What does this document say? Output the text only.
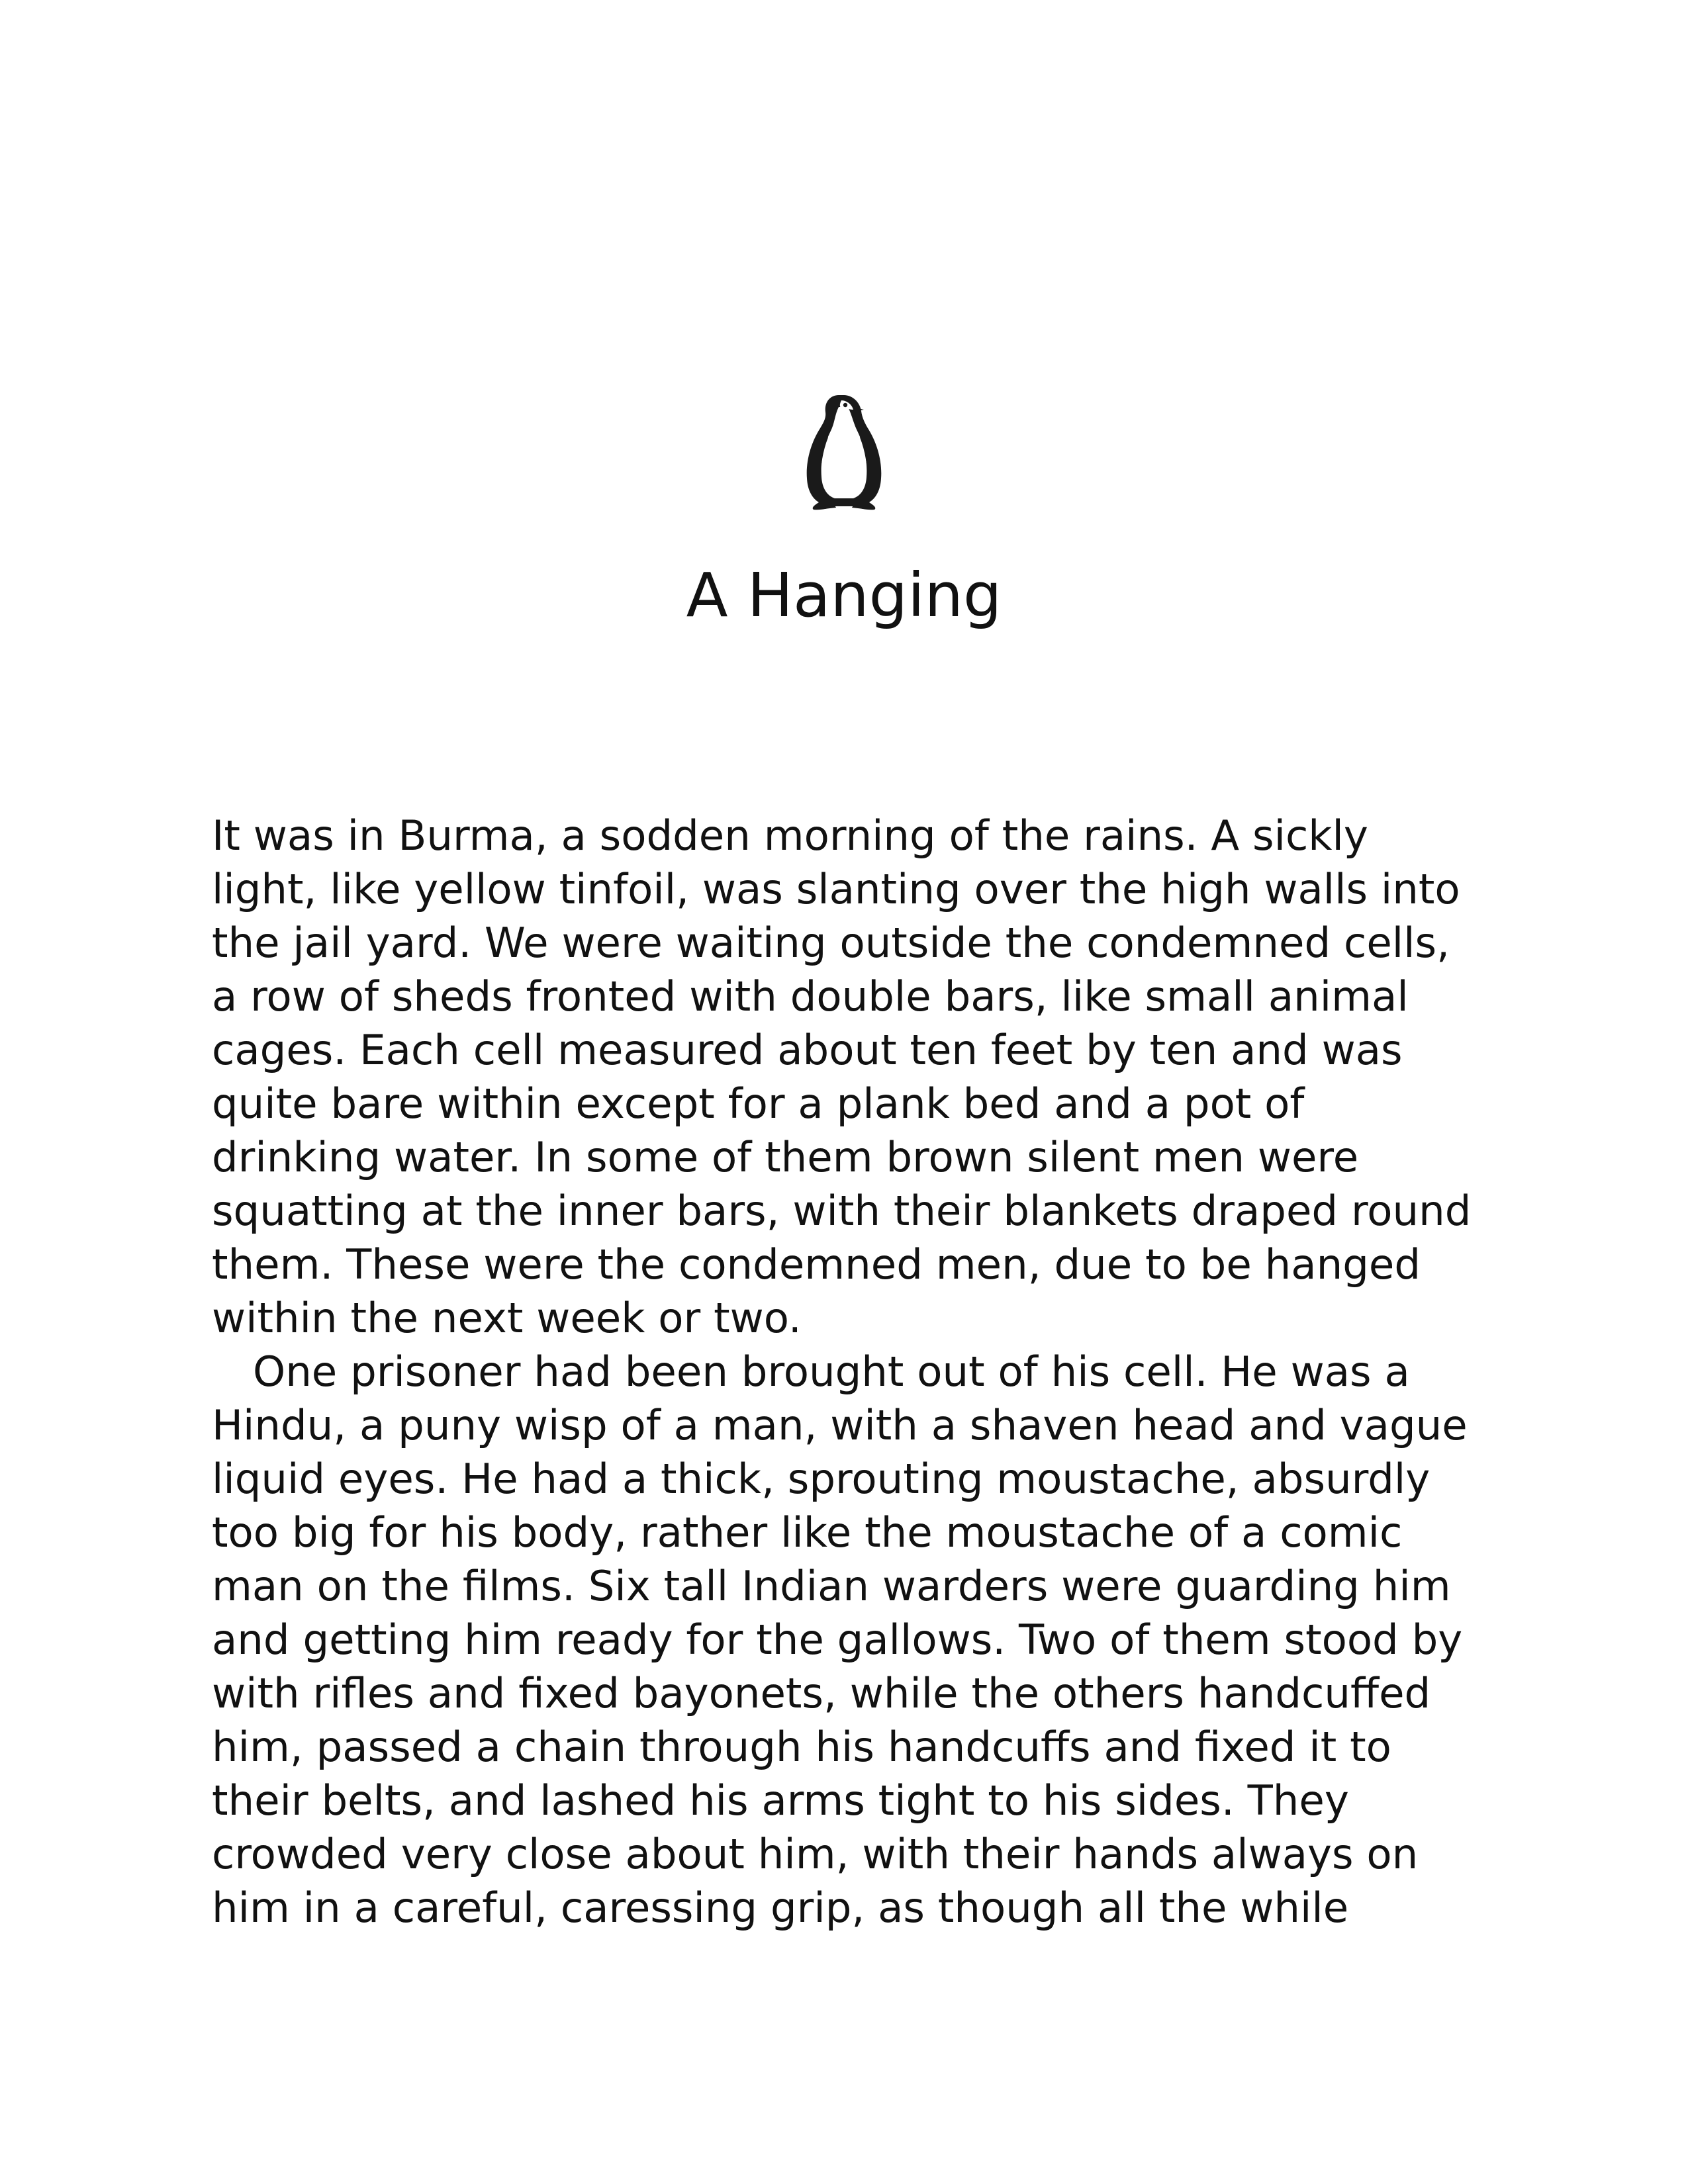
A Hanging
It was in Burma, a sodden morning of the rains. A sickly
light, like yellow tinfoil, was slanting over the high walls into
the jail yard. We were waiting outside the condemned cells,
a row of sheds fronted with double bars, like small animal
cages. Each cell measured about ten feet by ten and was
quite bare within except for a plank bed and a pot of
drinking water. In some of them brown silent men were
squatting at the inner bars, with their blankets draped round
them. These were the condemned men, due to be hanged
within the next week or two.
One prisoner had been brought out of his cell. He was a
Hindu, a puny wisp of a man, with a shaven head and vague
liquid eyes. He had a thick, sprouting moustache, absurdly
too big for his body, rather like the moustache of a comic
man on the films. Six tall Indian warders were guarding him
and getting him ready for the gallows. Two of them stood by
with rifles and fixed bayonets, while the others handcuffed
him, passed a chain through his handcuffs and fixed it to
their belts, and lashed his arms tight to his sides. They
crowded very close about him, with their hands always on
him in a careful, caressing grip, as though all the while
